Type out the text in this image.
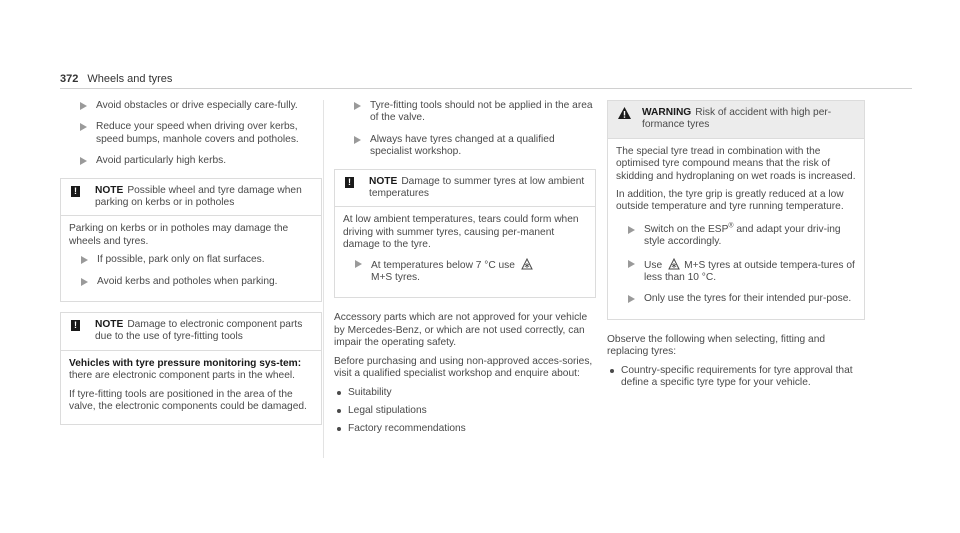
372 Wheels and tyres
Avoid obstacles or drive especially care-fully.
Reduce your speed when driving over kerbs, speed bumps, manhole covers and potholes.
Avoid particularly high kerbs.
! NOTE Possible wheel and tyre damage when parking on kerbs or in potholes

Parking on kerbs or in potholes may damage the wheels and tyres.

If possible, park only on flat surfaces.
Avoid kerbs and potholes when parking.
! NOTE Damage to electronic component parts due to the use of tyre-fitting tools

Vehicles with tyre pressure monitoring sys-tem: there are electronic component parts in the wheel.

If tyre-fitting tools are positioned in the area of the valve, the electronic components could be damaged.

Tyre-fitting tools should not be applied in the area of the valve.
Always have tyres changed at a qualified specialist workshop.
! NOTE Damage to summer tyres at low ambient temperatures

At low ambient temperatures, tears could form when driving with summer tyres, causing per-manent damage to the tyre.

At temperatures below 7 °C use
M+S tyres.

Accessory parts which are not approved for your vehicle by Mercedes-Benz, or which are not used correctly, can impair the operating safety.

Before purchasing and using non-approved acces-sories, visit a qualified specialist workshop and enquire about:

Suitability
Legal stipulations
Factory recommendations
WARNING Risk of accident with high per-formance tyres

The special tyre tread in combination with the optimised tyre compound means that the risk of skidding and hydroplaning on wet roads is increased.

In addition, the tyre grip is greatly reduced at a low outside temperature and tyre running temperature.

Switch on the ESP® and adapt your driv-ing style accordingly.
Use M+S tyres at outside tempera-tures of less than 10 °C.
Only use the tyres for their intended pur-pose.

Observe the following when selecting, fitting and replacing tyres:

Country-specific requirements for tyre approval that define a specific tyre type for your vehicle.
